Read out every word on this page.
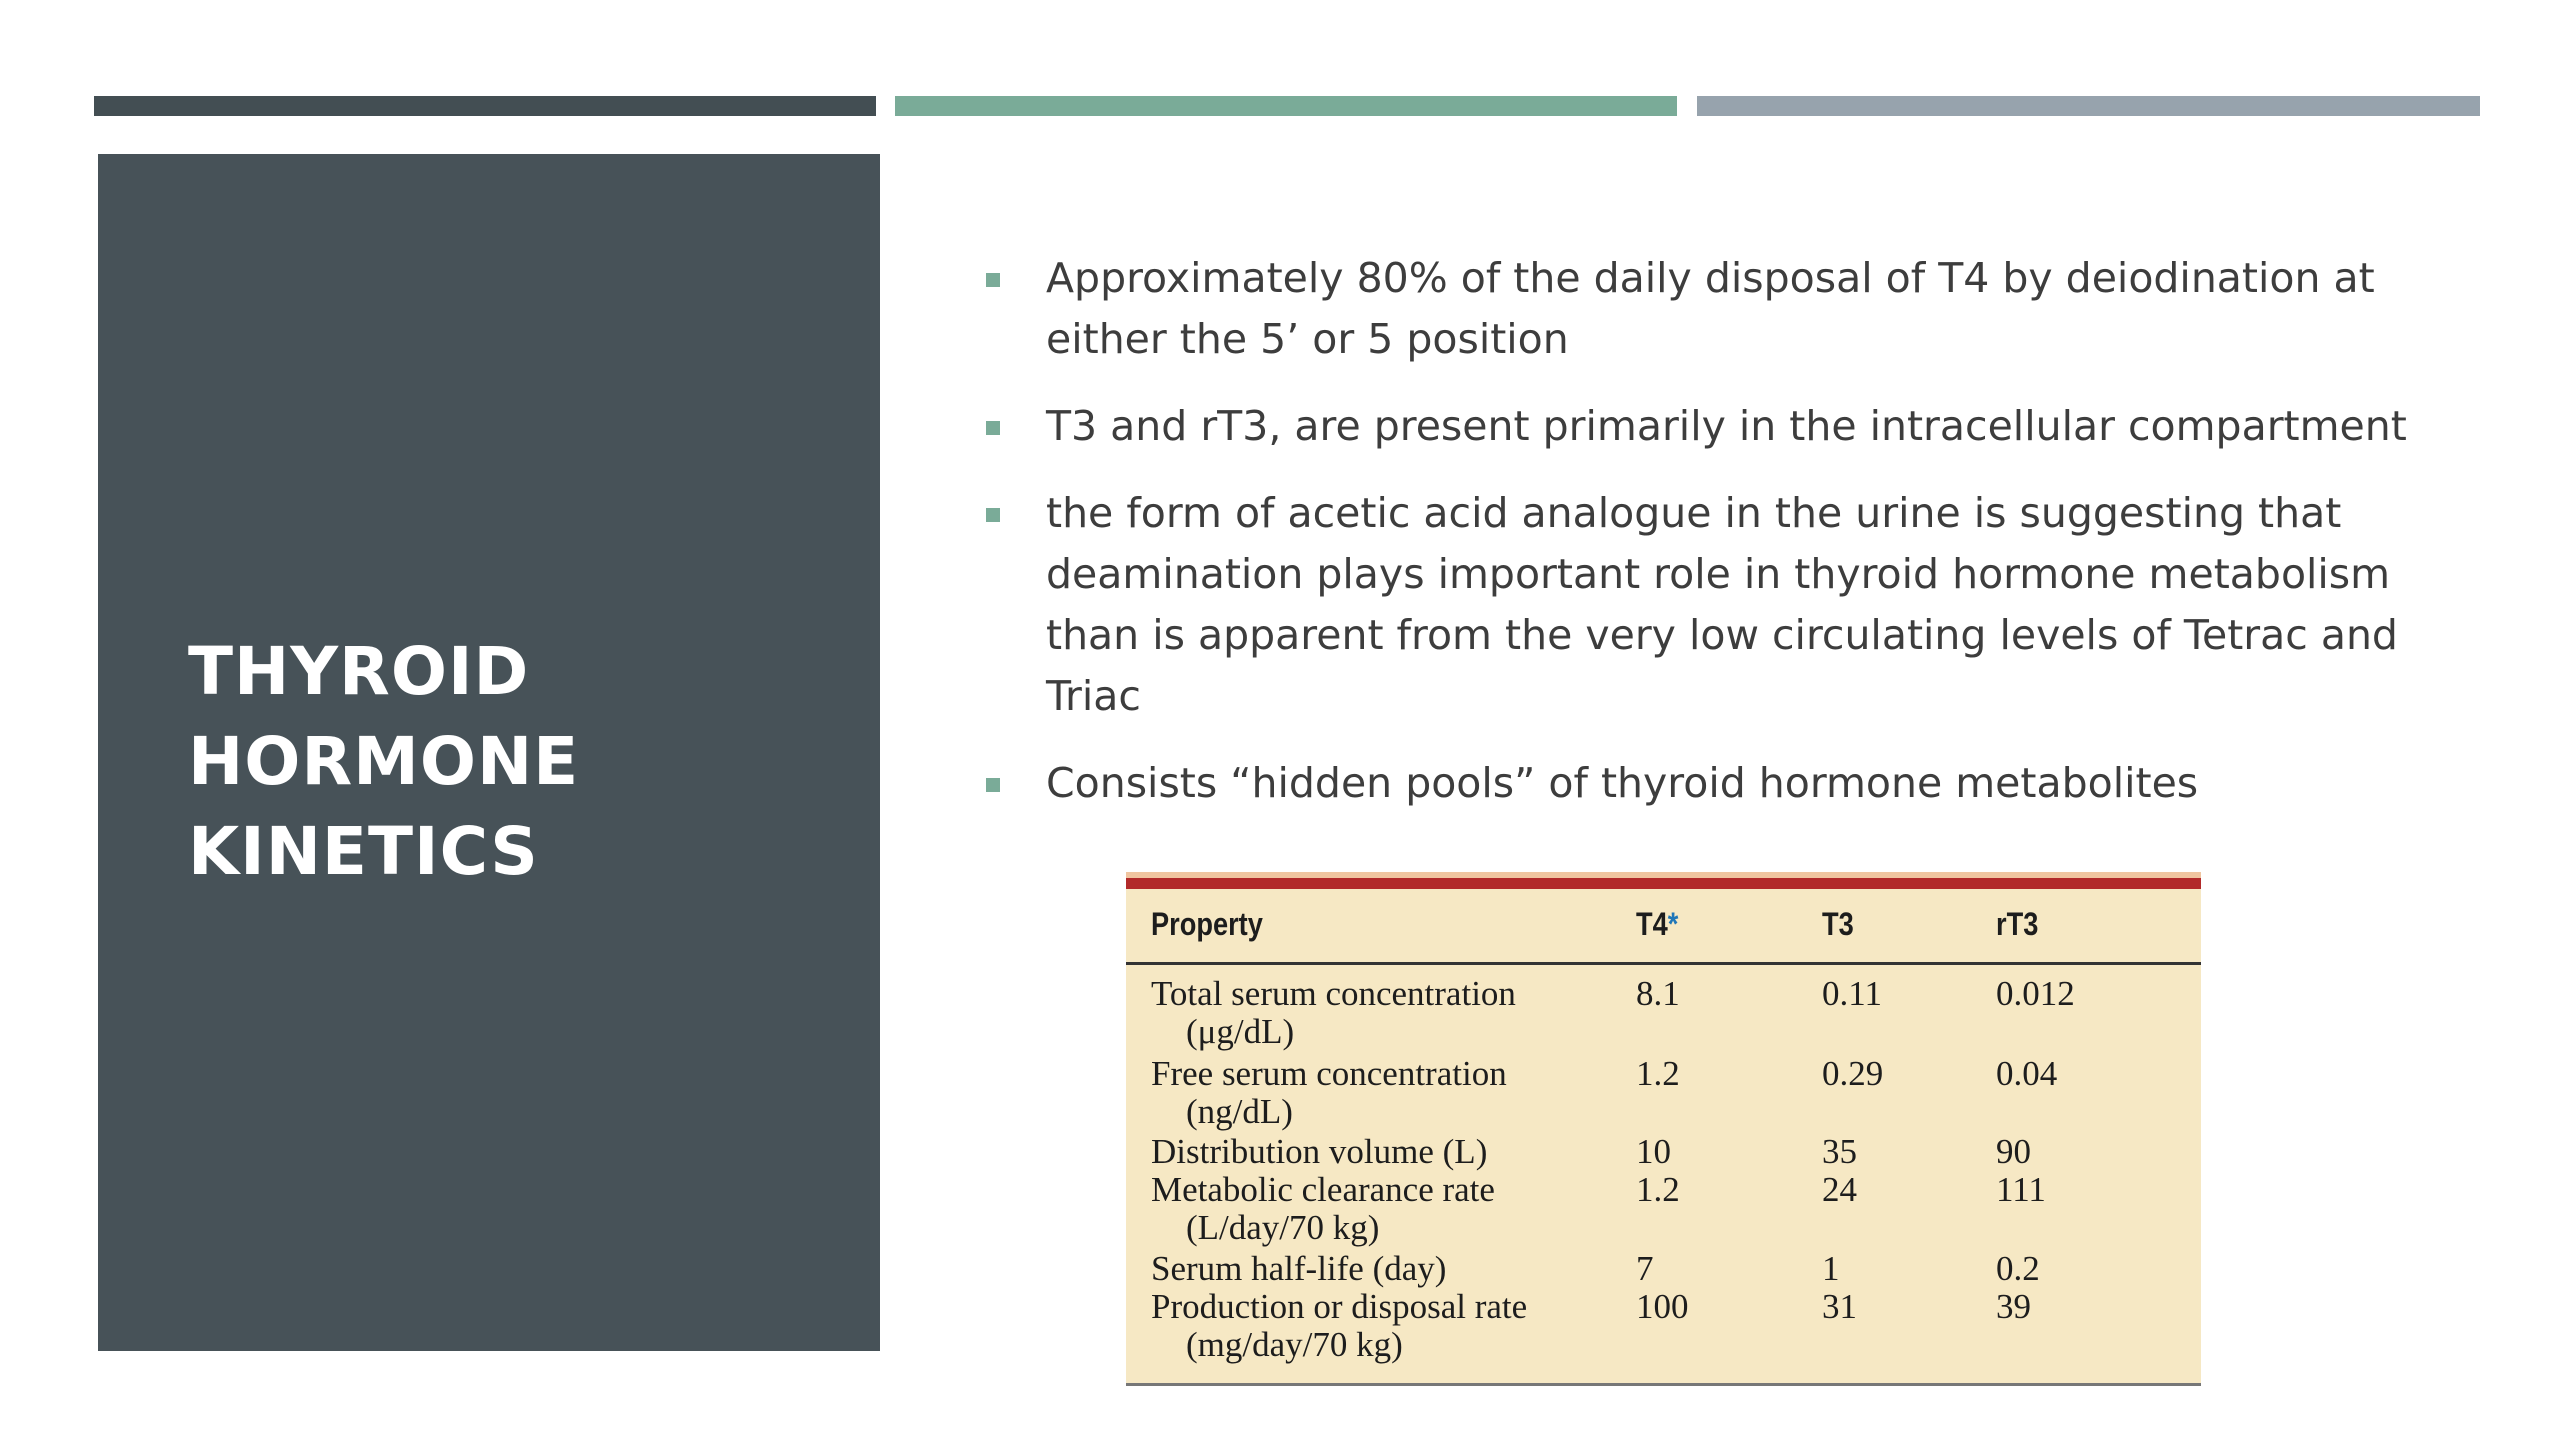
THYROID
HORMONE
KINETICS
Approximately 80% of the daily disposal of T4 by deiodination at either the 5’ or 5 position
T3 and rT3, are present primarily in the intracellular compartment
the form of acetic acid analogue in the urine is suggesting that deamination plays important role in thyroid hormone metabolism than is apparent from the very low circulating levels of Tetrac and Triac
Consists “hidden pools” of thyroid hormone metabolites
Property	T4*	T3	rT3
Total serum concentration
(μg/dL)
8.1	0.11	0.012
Free serum concentration
(ng/dL)
1.2	0.29	0.04
Distribution volume (L)	10	35	90
Metabolic clearance rate
(L/day/70 kg)
1.2	24	111
Serum half-life (day)	7	1	0.2
Production or disposal rate
(mg/day/70 kg)
100	31	39
